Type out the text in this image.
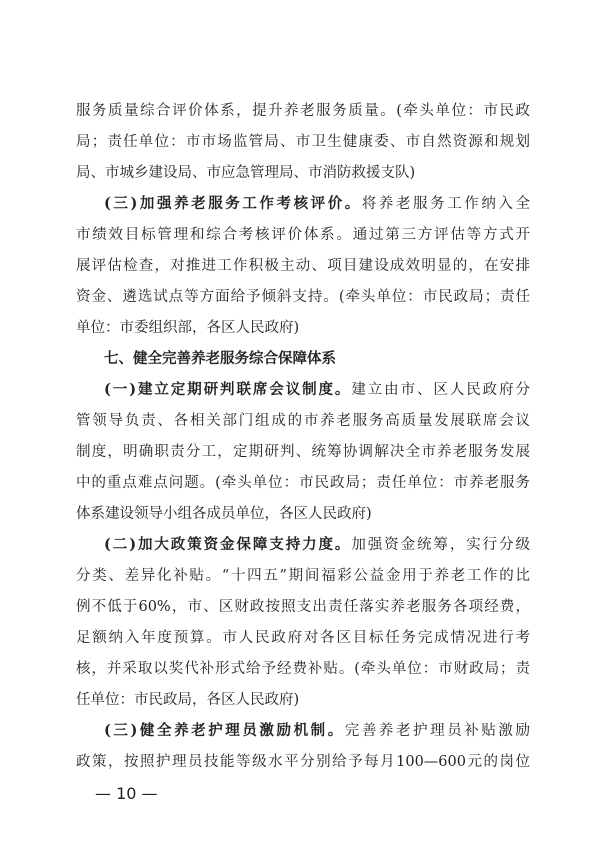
服务质量综合评价体系，提升养老服务质量。(牵头单位：市民政
局；责任单位：市市场监管局、市卫生健康委、市自然资源和规划
局、市城乡建设局、市应急管理局、市消防救援支队)
(三)加强养老服务工作考核评价。将养老服务工作纳入全
市绩效目标管理和综合考核评价体系。通过第三方评估等方式开
展评估检查，对推进工作积极主动、项目建设成效明显的，在安排
资金、遴选试点等方面给予倾斜支持。(牵头单位：市民政局；责任
单位：市委组织部，各区人民政府)
七、健全完善养老服务综合保障体系
(一)建立定期研判联席会议制度。建立由市、区人民政府分
管领导负责、各相关部门组成的市养老服务高质量发展联席会议
制度，明确职责分工，定期研判、统筹协调解决全市养老服务发展
中的重点难点问题。(牵头单位：市民政局；责任单位：市养老服务
体系建设领导小组各成员单位，各区人民政府)
(二)加大政策资金保障支持力度。加强资金统筹，实行分级
分类、差异化补贴。“十四五”期间福彩公益金用于养老工作的比
例不低于60%，市、区财政按照支出责任落实养老服务各项经费，
足额纳入年度预算。市人民政府对各区目标任务完成情况进行考
核，并采取以奖代补形式给予经费补贴。(牵头单位：市财政局；责
任单位：市民政局，各区人民政府)
(三)健全养老护理员激励机制。完善养老护理员补贴激励
政策，按照护理员技能等级水平分别给予每月100—600元的岗位
— 10 —
